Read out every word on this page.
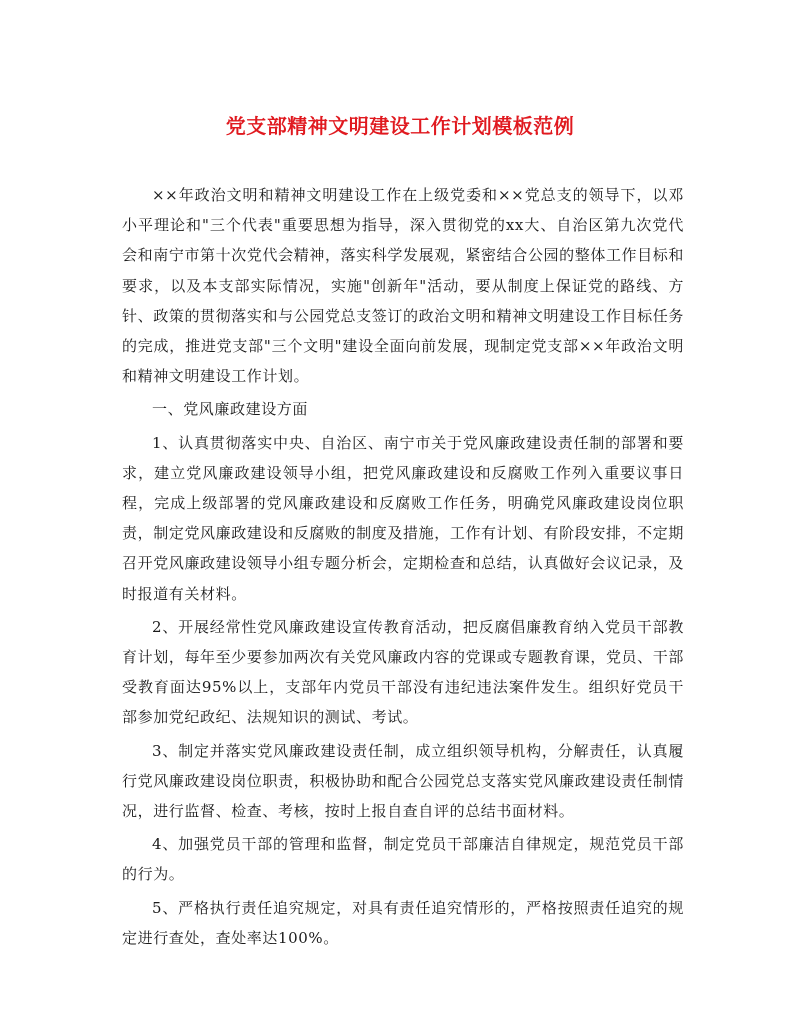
党支部精神文明建设工作计划模板范例

××年政治文明和精神文明建设工作在上级党委和××党总支的领导下，以邓小平理论和"三个代表"重要思想为指导，深入贯彻党的xx大、自治区第九次党代会和南宁市第十次党代会精神，落实科学发展观，紧密结合公园的整体工作目标和要求，以及本支部实际情况，实施"创新年"活动，要从制度上保证党的路线、方针、政策的贯彻落实和与公园党总支签订的政治文明和精神文明建设工作目标任务的完成，推进党支部"三个文明"建设全面向前发展，现制定党支部××年政治文明和精神文明建设工作计划。

一、党风廉政建设方面

1、认真贯彻落实中央、自治区、南宁市关于党风廉政建设责任制的部署和要求，建立党风廉政建设领导小组，把党风廉政建设和反腐败工作列入重要议事日程，完成上级部署的党风廉政建设和反腐败工作任务，明确党风廉政建设岗位职责，制定党风廉政建设和反腐败的制度及措施，工作有计划、有阶段安排，不定期召开党风廉政建设领导小组专题分析会，定期检查和总结，认真做好会议记录，及时报道有关材料。

2、开展经常性党风廉政建设宣传教育活动，把反腐倡廉教育纳入党员干部教育计划，每年至少要参加两次有关党风廉政内容的党课或专题教育课，党员、干部受教育面达95%以上，支部年内党员干部没有违纪违法案件发生。组织好党员干部参加党纪政纪、法规知识的测试、考试。

3、制定并落实党风廉政建设责任制，成立组织领导机构，分解责任，认真履行党风廉政建设岗位职责，积极协助和配合公园党总支落实党风廉政建设责任制情况，进行监督、检查、考核，按时上报自查自评的总结书面材料。

4、加强党员干部的管理和监督，制定党员干部廉洁自律规定，规范党员干部的行为。

5、严格执行责任追究规定，对具有责任追究情形的，严格按照责任追究的规定进行查处，查处率达100%。
